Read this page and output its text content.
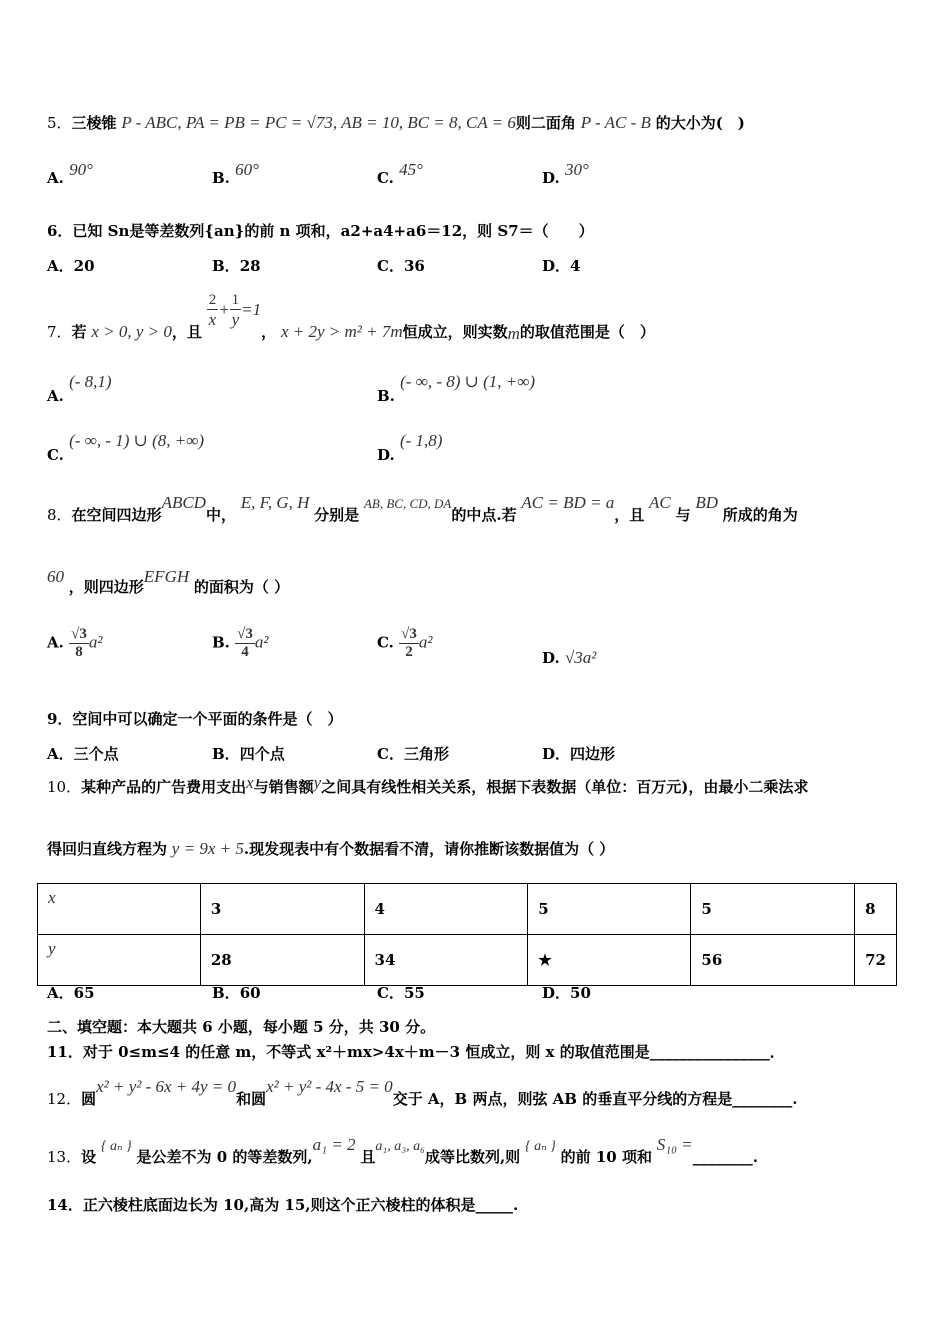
5．三棱锥 P - ABC, PA = PB = PC = √73, AB = 10, BC = 8, CA = 6则二面角 P - AC - B 的大小为(　)
A. 90°	B. 60°	C. 45°	D. 30°
6．已知 Sn是等差数列{an}的前 n 项和，a2+a4+a6＝12，则 S7＝（　　）
A．20	B．28	C．36	D．4
7．若 x > 0, y > 0，且
$\frac{2}{x} + \frac{1}{y} =1$， x + 2y > m² + 7m恒成立，则实数m的取值范围是（　）
A. (- 8,1)
B. (- ∞, - 8) ∪ (1, +∞)
C. (- ∞, - 1) ∪ (8, +∞)
D. (- 1,8)
8．在空间四边形ABCD中， E, F, G, H 分别是 AB, BC, CD, DA的中点.若 AC = BD = a，且 AC 与 BD 所成的角为
60 ，则四边形EFGH 的面积为（ ）
A. $\frac{√3}{8} a^2$	B. $\frac{√3}{4} a^2$	C. $\frac{√3}{2} a^2$
D. √3a²
9．空间中可以确定一个平面的条件是（　）
A．三个点	B．四个点	C．三角形	D．四边形
10．某种产品的广告费用支出x与销售额y之间具有线性相关关系，根据下表数据（单位：百万元)，由最小二乘法求
得回归直线方程为 y = 9x + 5.现发现表中有个数据看不清，请你推断该数据值为（ ）
x	3	4	5	5	8
y	28	34	★	56	72
A．65	B．60	C．55	D．50
二、填空题：本大题共 6 小题，每小题 5 分，共 30 分。
11．对于 0≤m≤4 的任意 m，不等式 x²＋mx>4x＋m－3 恒成立，则 x 的取值范围是________________．
12．圆x² + y² - 6x + 4y = 0和圆x² + y² - 4x - 5 = 0交于 A，B 两点，则弦 AB 的垂直平分线的方程是________.
13．设 { aₙ } 是公差不为 0 的等差数列,a₁ = 2 且a₁, a₃, a₆成等比数列,则 { aₙ } 的前 10 项和 S₁₀ =________.
14．正六棱柱底面边长为 10,高为 15,则这个正六棱柱的体积是_____.
